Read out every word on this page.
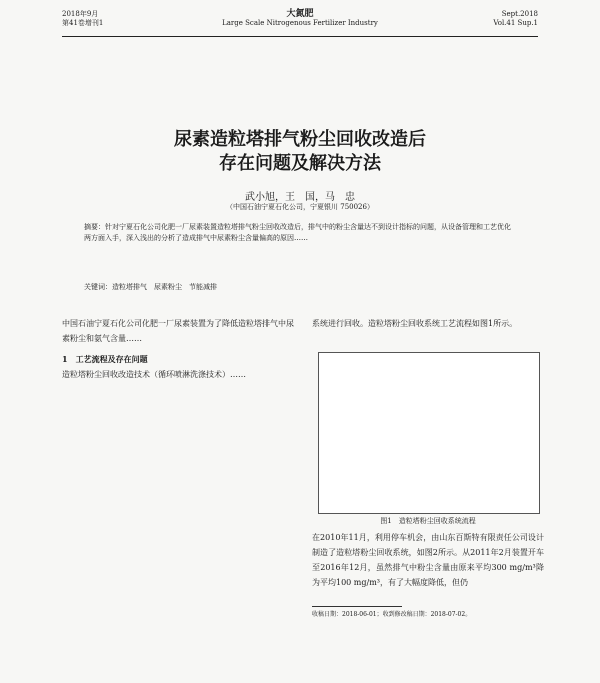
2018年9月
第41卷增刊1
大氮肥
Large Scale Nitrogenous Fertilizer Industry
Sept.2018
Vol.41 Sup.1
尿素造粒塔排气粉尘回收改造后
存在问题及解决方法
武小旭，王　国，马　忠
（中国石油宁夏石化公司，宁夏银川 750026）
摘要：针对宁夏石化公司化肥一厂尿素装置造粒塔排气粉尘回收改造后，排气中的粉尘含量达不到设计指标的问题，从设备管理和工艺优化两方面入手，深入浅出的分析了造成排气中尿素粉尘含量偏高的原因……
关键词：造粒塔排气　尿素粉尘　节能减排
中国石油宁夏石化公司化肥一厂尿素装置为了降低造粒塔排气中尿素粉尘和氨气含量……
1　工艺流程及存在问题
造粒塔粉尘回收改造技术（循环喷淋洗涤技术）……
系统进行回收。造粒塔粉尘回收系统工艺流程如图1所示。
图1　造粒塔粉尘回收系统流程
在2010年11月，利用停车机会，由山东百斯特有限责任公司设计制造了造粒塔粉尘回收系统，如图2所示。从2011年2月装置开车至2016年12月，虽然排气中粉尘含量由原来平均300 mg/m³降为平均100 mg/m³，有了大幅度降低，但仍
收稿日期：2018-06-01；收到修改稿日期：2018-07-02。
